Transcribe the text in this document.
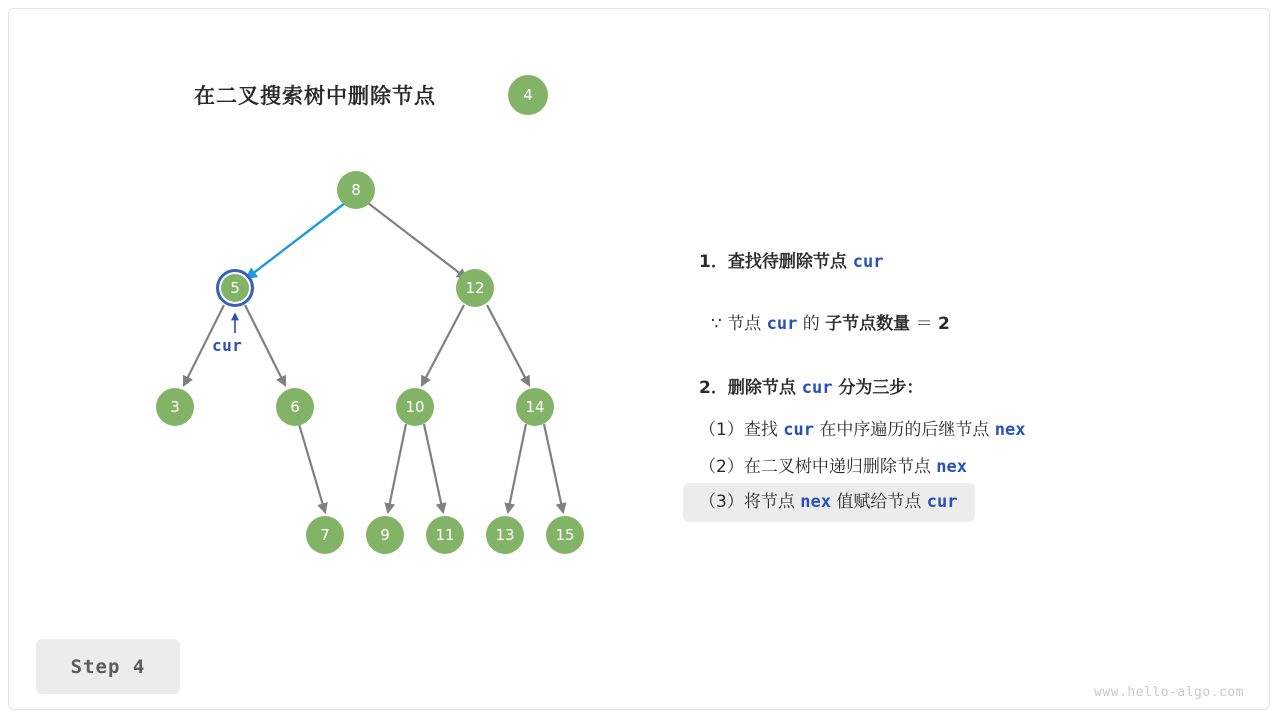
在二叉搜索树中删除节点	4
5
8
12
3	6	10	14
7	9	11	13	15
cur
1．查找待删除节点 cur
∵ 节点 cur 的 子节点数量 ＝ 2
2．删除节点 cur 分为三步：
（1）查找 cur 在中序遍历的后继节点 nex
（2）在二叉树中递归删除节点 nex
（3）将节点 nex 值赋给节点 cur
Step 4
www.hello-algo.com
